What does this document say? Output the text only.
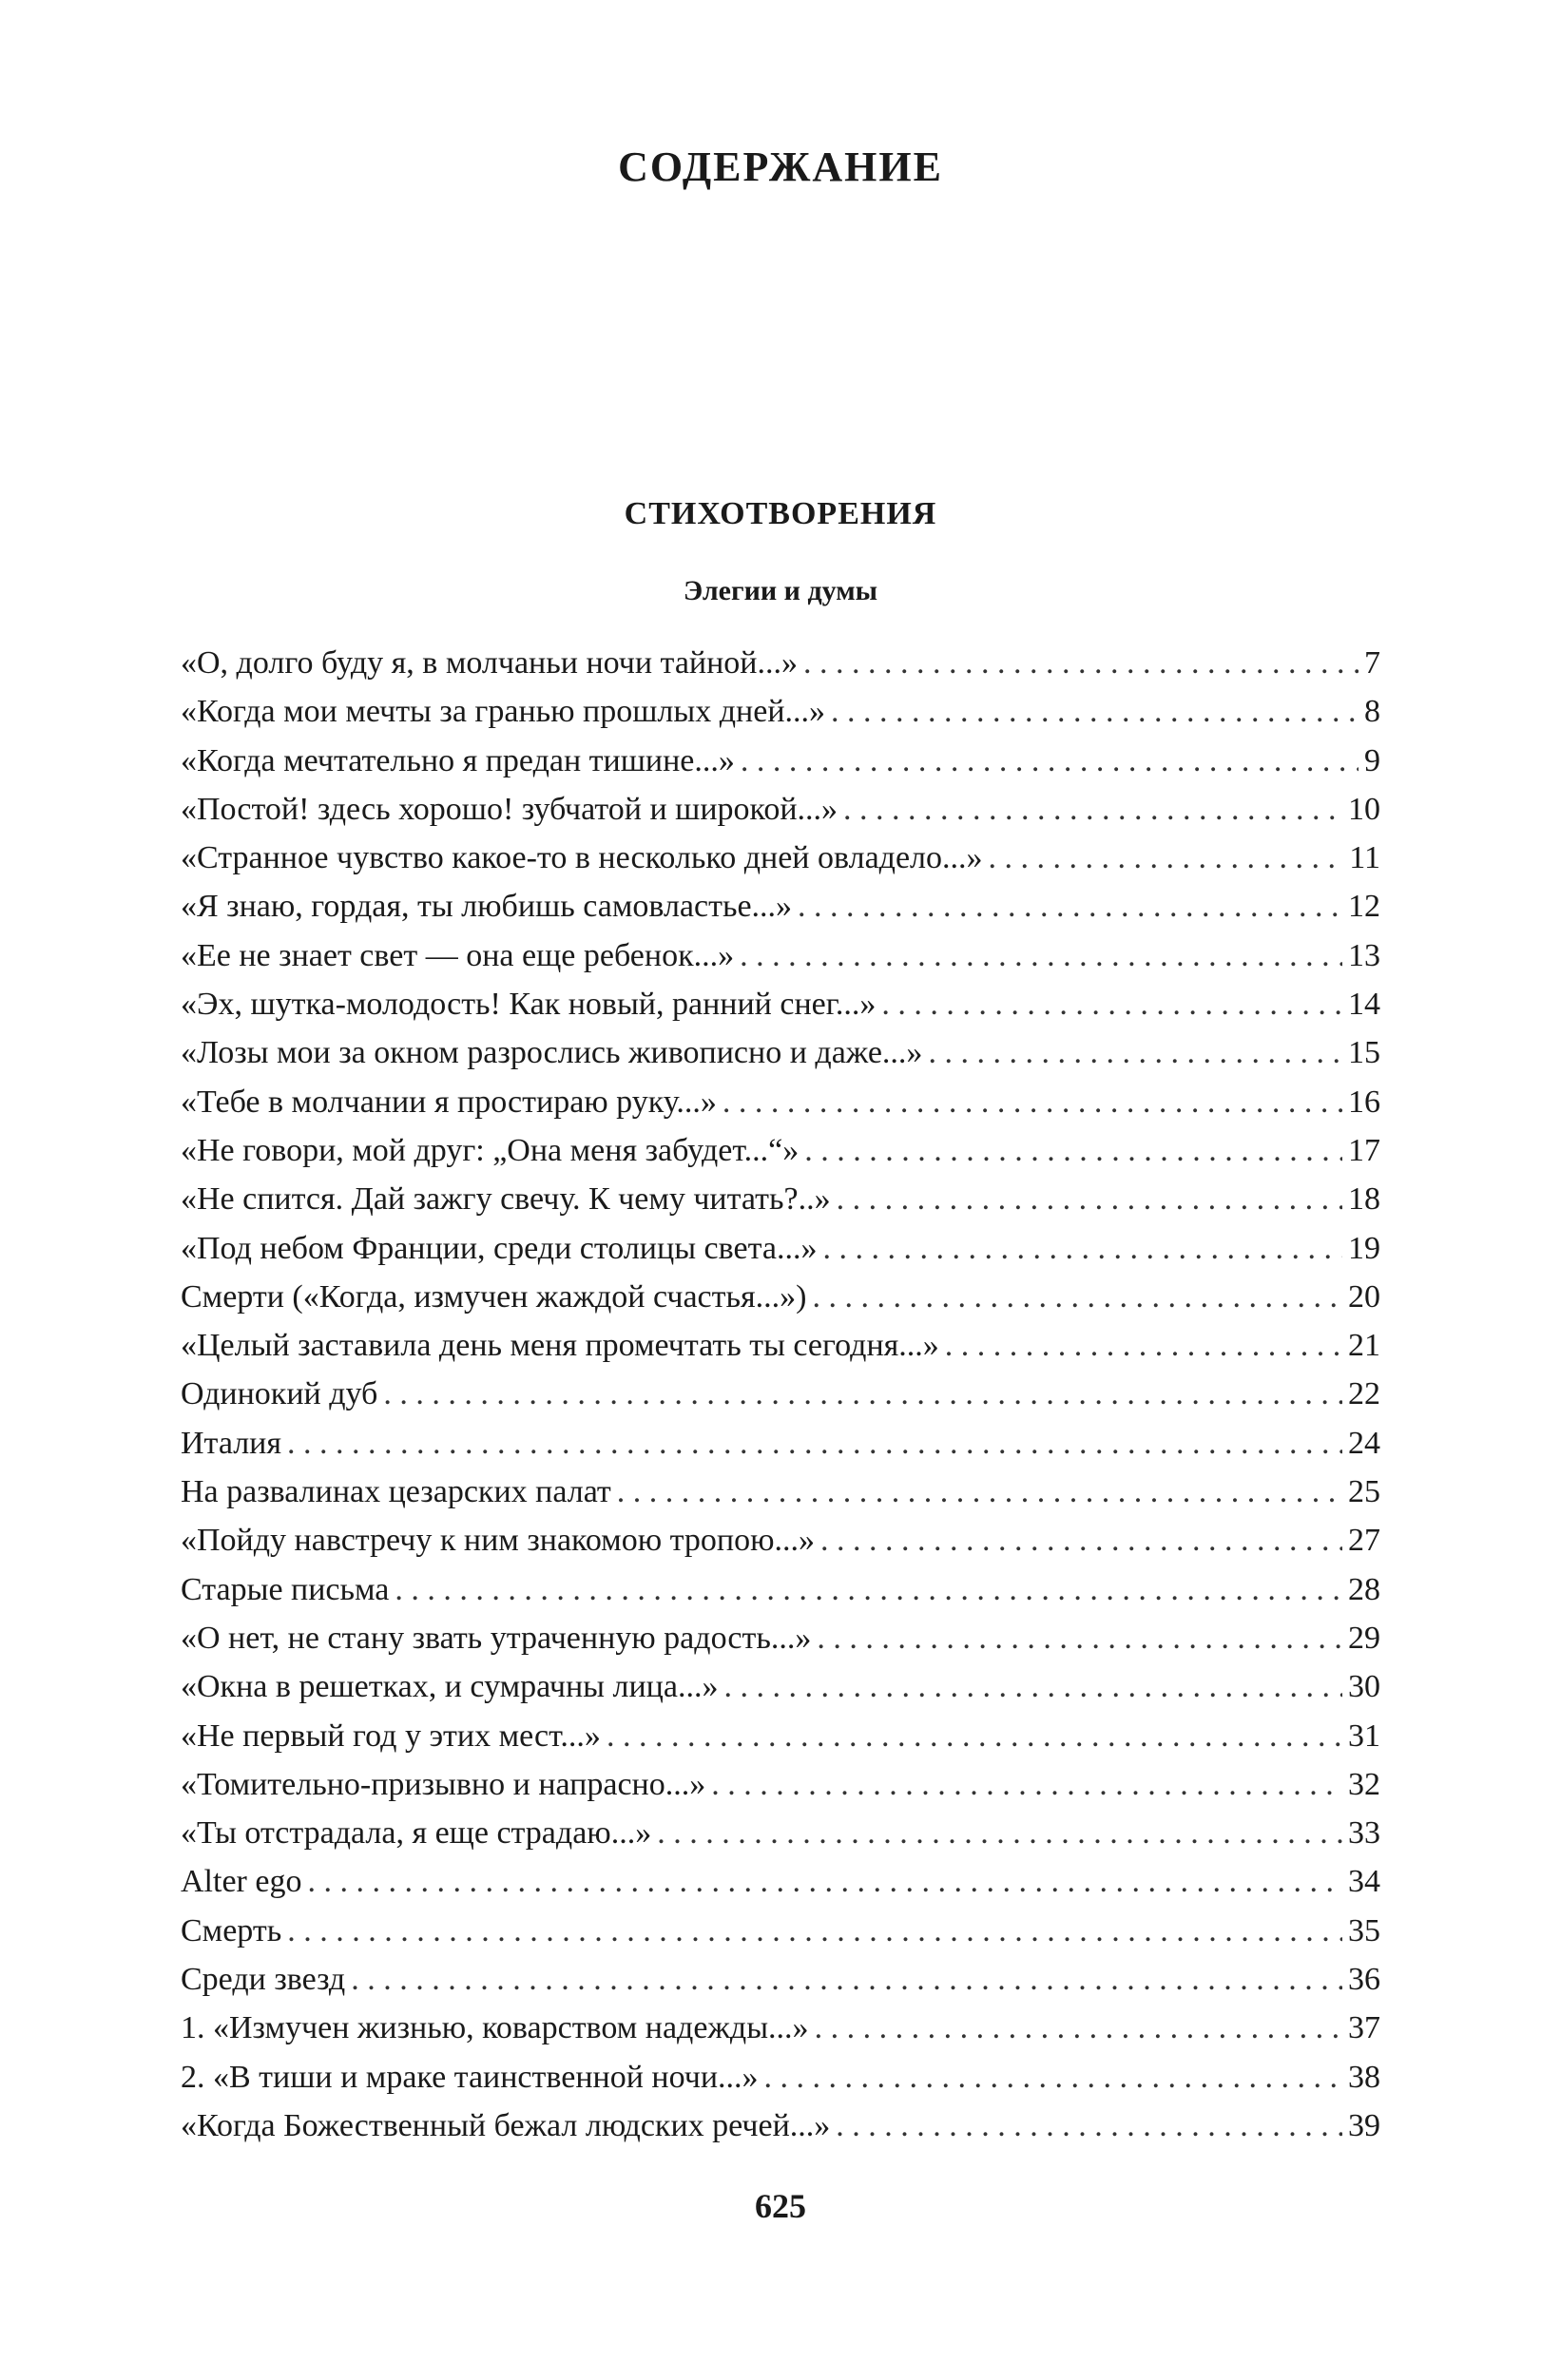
СОДЕРЖАНИЕ
СТИХОТВОРЕНИЯ
Элегии и думы
«О, долго буду я, в молчаньи ночи тайной...» . . .	7
«Когда мои мечты за гранью прошлых дней...» . . .	8
«Когда мечтательно я предан тишине...» . . .	9
«Постой! здесь хорошо! зубчатой и широкой...» . . .	10
«Странное чувство какое-то в несколько дней овладело...» . . .	11
«Я знаю, гордая, ты любишь самовластье...» . . .	12
«Ее не знает свет — она еще ребенок...» . . .	13
«Эх, шутка-молодость! Как новый, ранний снег...» . . .	14
«Лозы мои за окном разрослись живописно и даже...» . . .	15
«Тебе в молчании я простираю руку...» . . .	16
«Не говори, мой друг: „Она меня забудет...“» . . .	17
«Не спится. Дай зажгу свечу. К чему читать?..» . . .	18
«Под небом Франции, среди столицы света...» . . .	19
Смерти («Когда, измучен жаждой счастья...») . . .	20
«Целый заставила день меня промечтать ты сегодня...» . . .	21
Одинокий дуб . . .	22
Италия . . .	24
На развалинах цезарских палат . . .	25
«Пойду навстречу к ним знакомою тропою...» . . .	27
Старые письма . . .	28
«О нет, не стану звать утраченную радость...» . . .	29
«Окна в решетках, и сумрачны лица...» . . .	30
«Не первый год у этих мест...» . . .	31
«Томительно-призывно и напрасно...» . . .	32
«Ты отстрадала, я еще страдаю...» . . .	33
Alter ego . . .	34
Смерть . . .	35
Среди звезд . . .	36
1. «Измучен жизнью, коварством надежды...» . . .	37
2. «В тиши и мраке таинственной ночи...» . . .	38
«Когда Божественный бежал людских речей...» . . .	39
625
